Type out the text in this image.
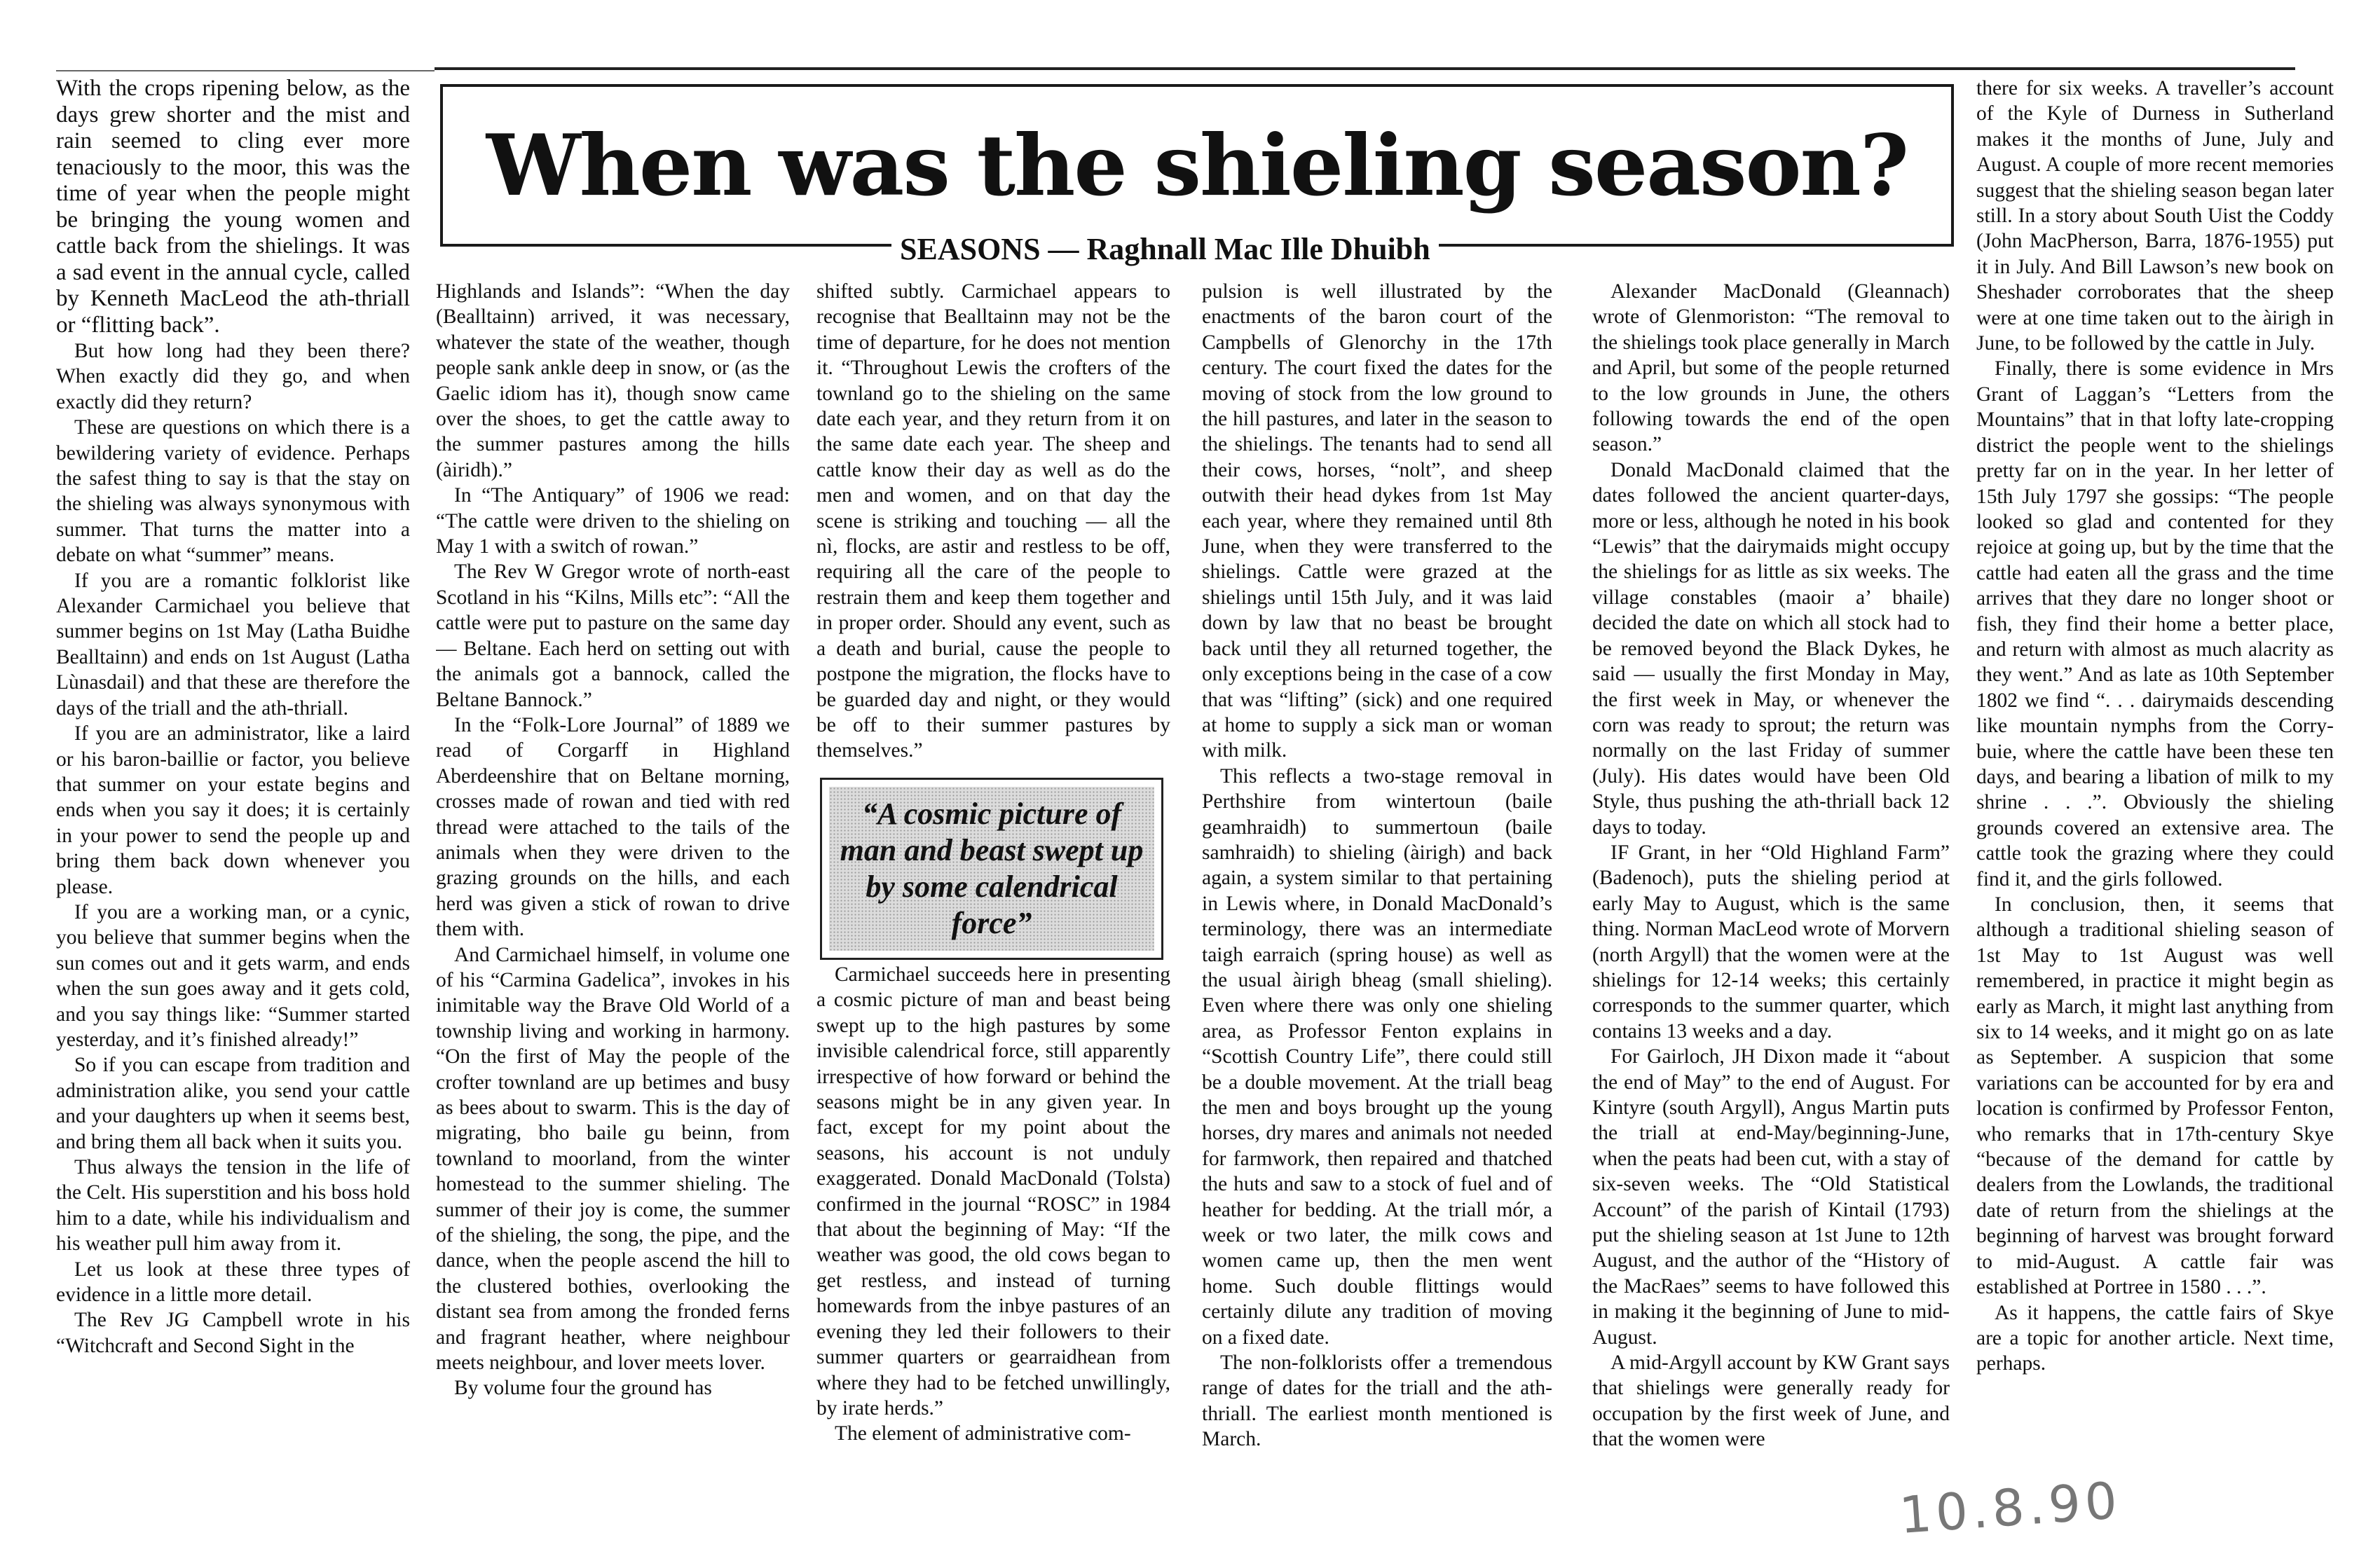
When was the shieling season?
SEASONS — Raghnall Mac Ille Dhuibh

With the crops ripening below, as the days grew shorter and the mist and rain seemed to cling ever more tenaciously to the moor, this was the time of year when the people might be bringing the young women and cattle back from the shielings. It was a sad event in the annual cycle, called by Kenneth MacLeod the ath-thriall or “flitting back”.

But how long had they been there? When exactly did they go, and when exactly did they return?

These are questions on which there is a bewildering variety of evidence. Perhaps the safest thing to say is that the stay on the shieling was always synonymous with summer. That turns the matter into a debate on what “summer” means.

If you are a romantic folklorist like Alexander Carmichael you believe that summer begins on 1st May (Latha Buidhe Bealltainn) and ends on 1st August (Latha Lùnasdail) and that these are therefore the days of the triall and the ath-thriall.

If you are an administrator, like a laird or his baron-baillie or factor, you believe that summer on your estate begins and ends when you say it does; it is certainly in your power to send the people up and bring them back down whenever you please.

If you are a working man, or a cynic, you believe that summer begins when the sun comes out and it gets warm, and ends when the sun goes away and it gets cold, and you say things like: “Summer started yesterday, and it’s finished already!”

So if you can escape from tradition and administration alike, you send your cattle and your daughters up when it seems best, and bring them all back when it suits you.

Thus always the tension in the life of the Celt. His superstition and his boss hold him to a date, while his individualism and his weather pull him away from it.

Let us look at these three types of evidence in a little more detail.

The Rev JG Campbell wrote in his “Witchcraft and Second Sight in the

Highlands and Islands”: “When the day (Bealltainn) arrived, it was necessary, whatever the state of the weather, though people sank ankle deep in snow, or (as the Gaelic idiom has it), though snow came over the shoes, to get the cattle away to the summer pastures among the hills (àiridh).”

In “The Antiquary” of 1906 we read: “The cattle were driven to the shieling on May 1 with a switch of rowan.”

The Rev W Gregor wrote of north-east Scotland in his “Kilns, Mills etc”: “All the cattle were put to pasture on the same day — Beltane. Each herd on setting out with the animals got a bannock, called the Beltane Bannock.”

In the “Folk-Lore Journal” of 1889 we read of Corgarff in Highland Aberdeenshire that on Beltane morning, crosses made of rowan and tied with red thread were attached to the tails of the animals when they were driven to the grazing grounds on the hills, and each herd was given a stick of rowan to drive them with.

And Carmichael himself, in volume one of his “Carmina Gadelica”, invokes in his inimitable way the Brave Old World of a township living and working in harmony. “On the first of May the people of the crofter townland are up betimes and busy as bees about to swarm. This is the day of migrating, bho baile gu beinn, from townland to moorland, from the winter homestead to the summer shieling. The summer of their joy is come, the summer of the shieling, the song, the pipe, and the dance, when the people ascend the hill to the clustered bothies, overlooking the distant sea from among the fronded ferns and fragrant heather, where neighbour meets neighbour, and lover meets lover.

By volume four the ground has

shifted subtly. Carmichael appears to recognise that Bealltainn may not be the time of departure, for he does not mention it. “Throughout Lewis the crofters of the townland go to the shieling on the same date each year, and they return from it on the same date each year. The sheep and cattle know their day as well as do the men and women, and on that day the scene is striking and touching — all the nì, flocks, are astir and restless to be off, requiring all the care of the people to restrain them and keep them together and in proper order. Should any event, such as a death and burial, cause the people to postpone the migration, the flocks have to be guarded day and night, or they would be off to their summer pastures by themselves.”

Carmichael succeeds here in presenting a cosmic picture of man and beast being swept up to the high pastures by some invisible calendrical force, still apparently irrespective of how forward or behind the seasons might be in any given year. In fact, except for my point about the seasons, his account is not unduly exaggerated. Donald MacDonald (Tolsta) confirmed in the journal “ROSC” in 1984 that about the beginning of May: “If the weather was good, the old cows began to get restless, and instead of turning homewards from the inbye pastures of an evening they led their followers to their summer quarters or gearraidhean from where they had to be fetched unwillingly, by irate herds.”

The element of administrative com-

“A cosmic picture of man and beast swept up by some calendrical force”

pulsion is well illustrated by the enactments of the baron court of the Campbells of Glenorchy in the 17th century. The court fixed the dates for the moving of stock from the low ground to the hill pastures, and later in the season to the shielings. The tenants had to send all their cows, horses, “nolt”, and sheep outwith their head dykes from 1st May each year, where they remained until 8th June, when they were transferred to the shielings. Cattle were grazed at the shielings until 15th July, and it was laid down by law that no beast be brought back until they all returned together, the only exceptions being in the case of a cow that was “lifting” (sick) and one required at home to supply a sick man or woman with milk.

This reflects a two-stage removal in Perthshire from wintertoun (baile geamhraidh) to summertoun (baile samhraidh) to shieling (àirigh) and back again, a system similar to that pertaining in Lewis where, in Donald MacDonald’s terminology, there was an intermediate taigh earraich (spring house) as well as the usual àirigh bheag (small shieling). Even where there was only one shieling area, as Professor Fenton explains in “Scottish Country Life”, there could still be a double movement. At the triall beag the men and boys brought up the young horses, dry mares and animals not needed for farmwork, then repaired and thatched the huts and saw to a stock of fuel and of heather for bedding. At the triall mór, a week or two later, the milk cows and women came up, then the men went home. Such double flittings would certainly dilute any tradition of moving on a fixed date.

The non-folklorists offer a tremendous range of dates for the triall and the ath-thriall. The earliest month mentioned is March.

Alexander MacDonald (Gleannach) wrote of Glenmoriston: “The removal to the shielings took place generally in March and April, but some of the people returned to the low grounds in June, the others following towards the end of the open season.”

Donald MacDonald claimed that the dates followed the ancient quarter-days, more or less, although he noted in his book “Lewis” that the dairymaids might occupy the shielings for as little as six weeks. The village constables (maoir a’ bhaile) decided the date on which all stock had to be removed beyond the Black Dykes, he said — usually the first Monday in May, the first week in May, or whenever the corn was ready to sprout; the return was normally on the last Friday of summer (July). His dates would have been Old Style, thus pushing the ath-thriall back 12 days to today.

IF Grant, in her “Old Highland Farm” (Badenoch), puts the shieling period at early May to August, which is the same thing. Norman MacLeod wrote of Morvern (north Argyll) that the women were at the shielings for 12-14 weeks; this certainly corresponds to the summer quarter, which contains 13 weeks and a day.

For Gairloch, JH Dixon made it “about the end of May” to the end of August. For Kintyre (south Argyll), Angus Martin puts the triall at end-May/beginning-June, when the peats had been cut, with a stay of six-seven weeks. The “Old Statistical Account” of the parish of Kintail (1793) put the shieling season at 1st June to 12th August, and the author of the “History of the MacRaes” seems to have followed this in making it the beginning of June to mid-August.

A mid-Argyll account by KW Grant says that shielings were generally ready for occupation by the first week of June, and that the women were

there for six weeks. A traveller’s account of the Kyle of Durness in Sutherland makes it the months of June, July and August. A couple of more recent memories suggest that the shieling season began later still. In a story about South Uist the Coddy (John MacPherson, Barra, 1876-1955) put it in July. And Bill Lawson’s new book on Sheshader corroborates that the sheep were at one time taken out to the àirigh in June, to be followed by the cattle in July.

Finally, there is some evidence in Mrs Grant of Laggan’s “Letters from the Mountains” that in that lofty late-cropping district the people went to the shielings pretty far on in the year. In her letter of 15th July 1797 she gossips: “The people looked so glad and contented for they rejoice at going up, but by the time that the cattle had eaten all the grass and the time arrives that they dare no longer shoot or fish, they find their home a better place, and return with almost as much alacrity as they went.” And as late as 10th September 1802 we find “. . . dairymaids descending like mountain nymphs from the Corry-buie, where the cattle have been these ten days, and bearing a libation of milk to my shrine . . .”. Obviously the shieling grounds covered an extensive area. The cattle took the grazing where they could find it, and the girls followed.

In conclusion, then, it seems that although a traditional shieling season of 1st May to 1st August was well remembered, in practice it might begin as early as March, it might last anything from six to 14 weeks, and it might go on as late as September. A suspicion that some variations can be accounted for by era and location is confirmed by Professor Fenton, who remarks that in 17th-century Skye “because of the demand for cattle by dealers from the Lowlands, the traditional date of return from the shielings at the beginning of harvest was brought forward to mid-August. A cattle fair was established at Portree in 1580 . . .”.

As it happens, the cattle fairs of Skye are a topic for another article. Next time, perhaps.

10.8.90
